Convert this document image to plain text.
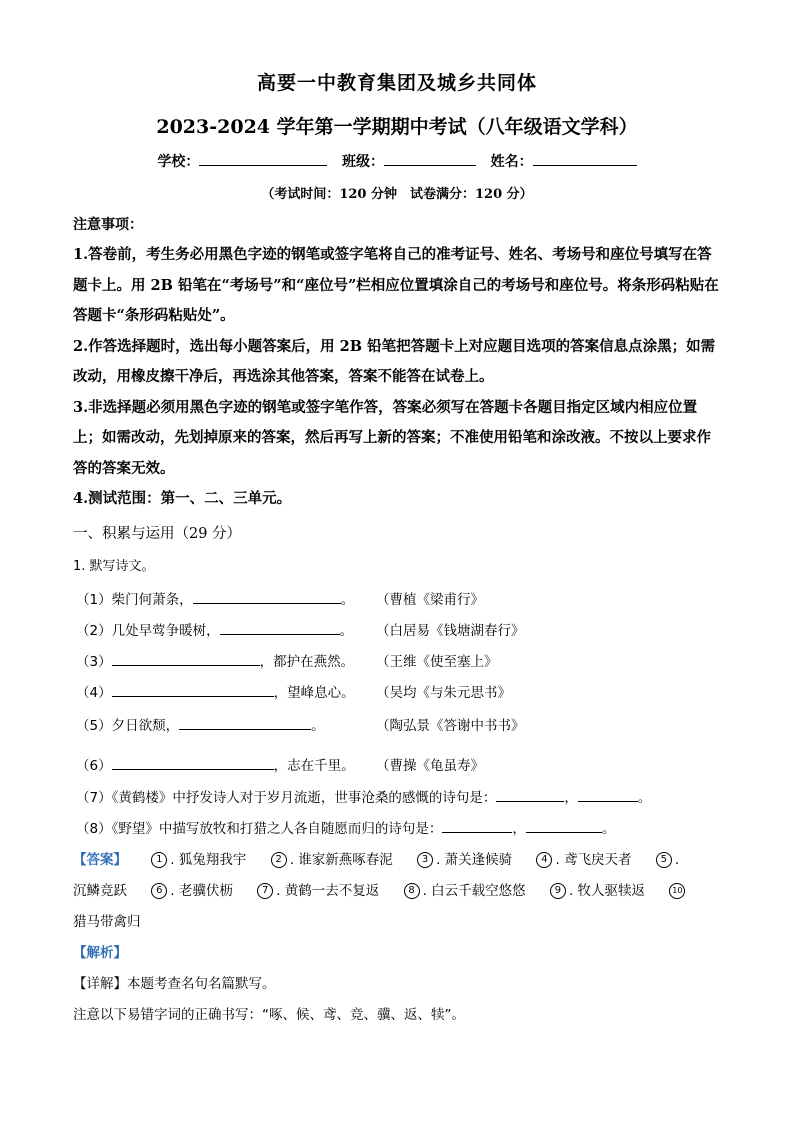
高要一中教育集团及城乡共同体
2023-2024 学年第一学期期中考试（八年级语文学科）
学校：	班级：	姓名：
（考试时间：120 分钟　试卷满分：120 分）
注意事项：

1.答卷前，考生务必用黑色字迹的钢笔或签字笔将自己的准考证号、姓名、考场号和座位号填写在答题卡上。用 2B 铅笔在“考场号”和“座位号”栏相应位置填涂自己的考场号和座位号。将条形码粘贴在答题卡“条形码粘贴处”。

2.作答选择题时，选出每小题答案后，用 2B 铅笔把答题卡上对应题目选项的答案信息点涂黑；如需改动，用橡皮擦干净后，再选涂其他答案，答案不能答在试卷上。

3.非选择题必须用黑色字迹的钢笔或签字笔作答，答案必须写在答题卡各题目指定区域内相应位置上；如需改动，先划掉原来的答案，然后再写上新的答案；不准使用铅笔和涂改液。不按以上要求作答的答案无效。

4.测试范围：第一、二、三单元。

一、积累与运用（29 分）
1. 默写诗文。
（1）柴门何萧条，	。 （曹植《梁甫行》
（2）几处早莺争暖树，	。 （白居易《钱塘湖春行》
（3）	，都护在燕然。 （王维《使至塞上》
（4）	，望峰息心。 （吴均《与朱元思书》
（5）夕日欲颓，	。	（陶弘景《答谢中书书》
（6）	，志在千里。 （曹操《龟虽寿》
（7）《黄鹤楼》中抒发诗人对于岁月流逝，世事沧桑的感慨的诗句是：	，	。
（8）《野望》中描写放牧和打猎之人各自随愿而归的诗句是：	，	。
【答案】	1 . 狐兔翔我宇	2 . 谁家新燕啄春泥	3 . 萧关逢候骑	4 . 鸢飞戾天者	5 .
沉鳞竞跃	6 . 老骥伏枥	7 . 黄鹤一去不复返	8 . 白云千载空悠悠	9 . 牧人驱犊返	10
猎马带禽归
【解析】
【详解】本题考查名句名篇默写。
注意以下易错字词的正确书写：“啄、候、鸢、竞、骥、返、犊”。
